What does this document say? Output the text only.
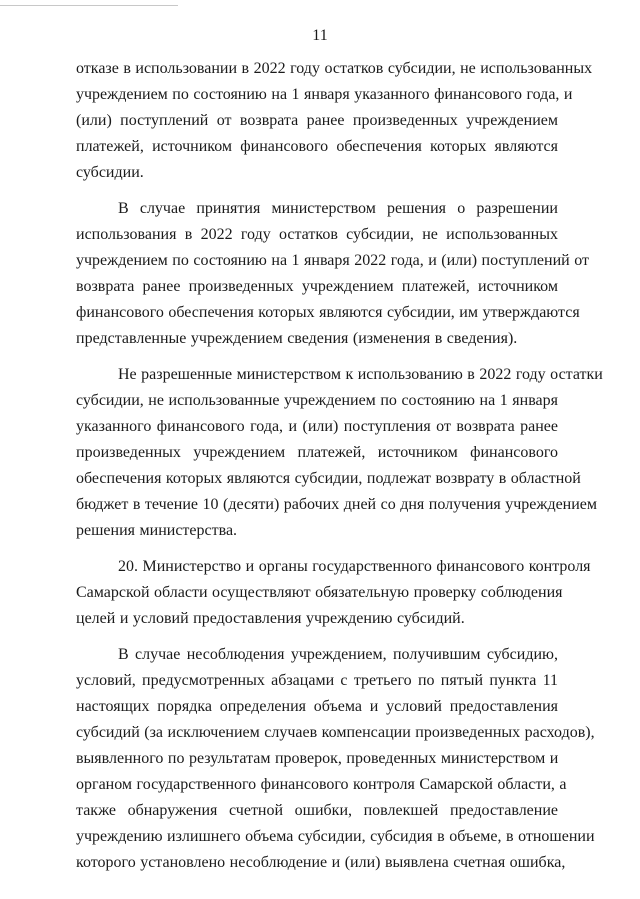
11

отказе в использовании в 2022 году остатков субсидии, не использованных
учреждением по состоянию на 1 января указанного финансового года, и
(или) поступлений от возврата ранее произведенных учреждением
платежей, источником финансового обеспечения которых являются
субсидии.

В случае принятия министерством решения о разрешении
использования в 2022 году остатков субсидии, не использованных
учреждением по состоянию на 1 января 2022 года, и (или) поступлений от
возврата ранее произведенных учреждением платежей, источником
финансового обеспечения которых являются субсидии, им утверждаются
представленные учреждением сведения (изменения в сведения).

Не разрешенные министерством к использованию в 2022 году остатки
субсидии, не использованные учреждением по состоянию на 1 января
указанного финансового года, и (или) поступления от возврата ранее
произведенных учреждением платежей, источником финансового
обеспечения которых являются субсидии, подлежат возврату в областной
бюджет в течение 10 (десяти) рабочих дней со дня получения учреждением
решения министерства.

20. Министерство и органы государственного финансового контроля
Самарской области осуществляют обязательную проверку соблюдения
целей и условий предоставления учреждению субсидий.

В случае несоблюдения учреждением, получившим субсидию,
условий, предусмотренных абзацами с третьего по пятый пункта 11
настоящих порядка определения объема и условий предоставления
субсидий (за исключением случаев компенсации произведенных расходов),
выявленного по результатам проверок, проведенных министерством и
органом государственного финансового контроля Самарской области, а
также обнаружения счетной ошибки, повлекшей предоставление
учреждению излишнего объема субсидии, субсидия в объеме, в отношении
которого установлено несоблюдение и (или) выявлена счетная ошибка,
